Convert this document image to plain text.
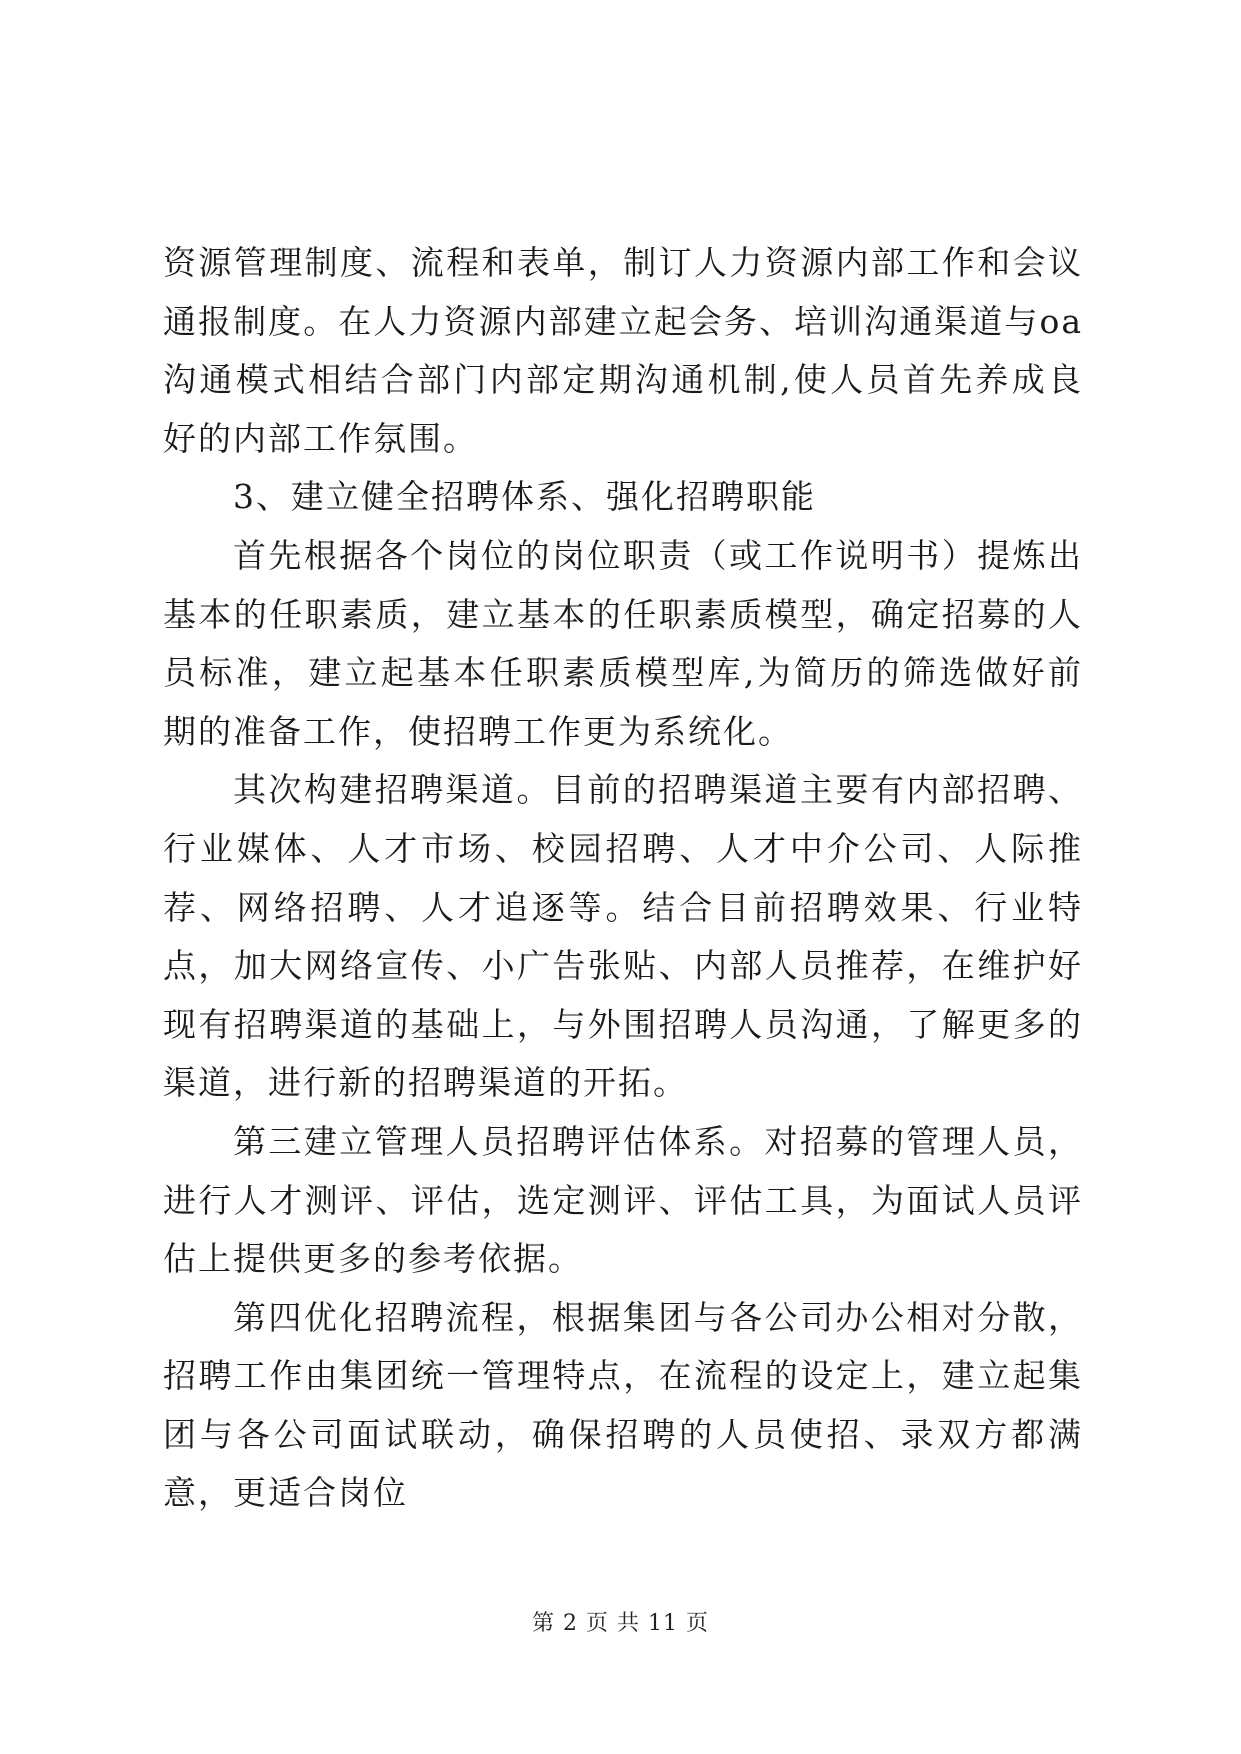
资源管理制度、流程和表单，制订人力资源内部工作和会议通报制度。在人力资源内部建立起会务、培训沟通渠道与oa沟通模式相结合部门内部定期沟通机制,使人员首先养成良好的内部工作氛围。

3、建立健全招聘体系、强化招聘职能

首先根据各个岗位的岗位职责（或工作说明书）提炼出基本的任职素质，建立基本的任职素质模型，确定招募的人员标准，建立起基本任职素质模型库,为简历的筛选做好前期的准备工作，使招聘工作更为系统化。

其次构建招聘渠道。目前的招聘渠道主要有内部招聘、行业媒体、人才市场、校园招聘、人才中介公司、人际推荐、网络招聘、人才追逐等。结合目前招聘效果、行业特点，加大网络宣传、小广告张贴、内部人员推荐，在维护好现有招聘渠道的基础上，与外围招聘人员沟通，了解更多的渠道，进行新的招聘渠道的开拓。

第三建立管理人员招聘评估体系。对招募的管理人员，进行人才测评、评估，选定测评、评估工具，为面试人员评估上提供更多的参考依据。

第四优化招聘流程，根据集团与各公司办公相对分散，招聘工作由集团统一管理特点，在流程的设定上，建立起集团与各公司面试联动，确保招聘的人员使招、录双方都满意，更适合岗位

第 2 页 共 11 页
